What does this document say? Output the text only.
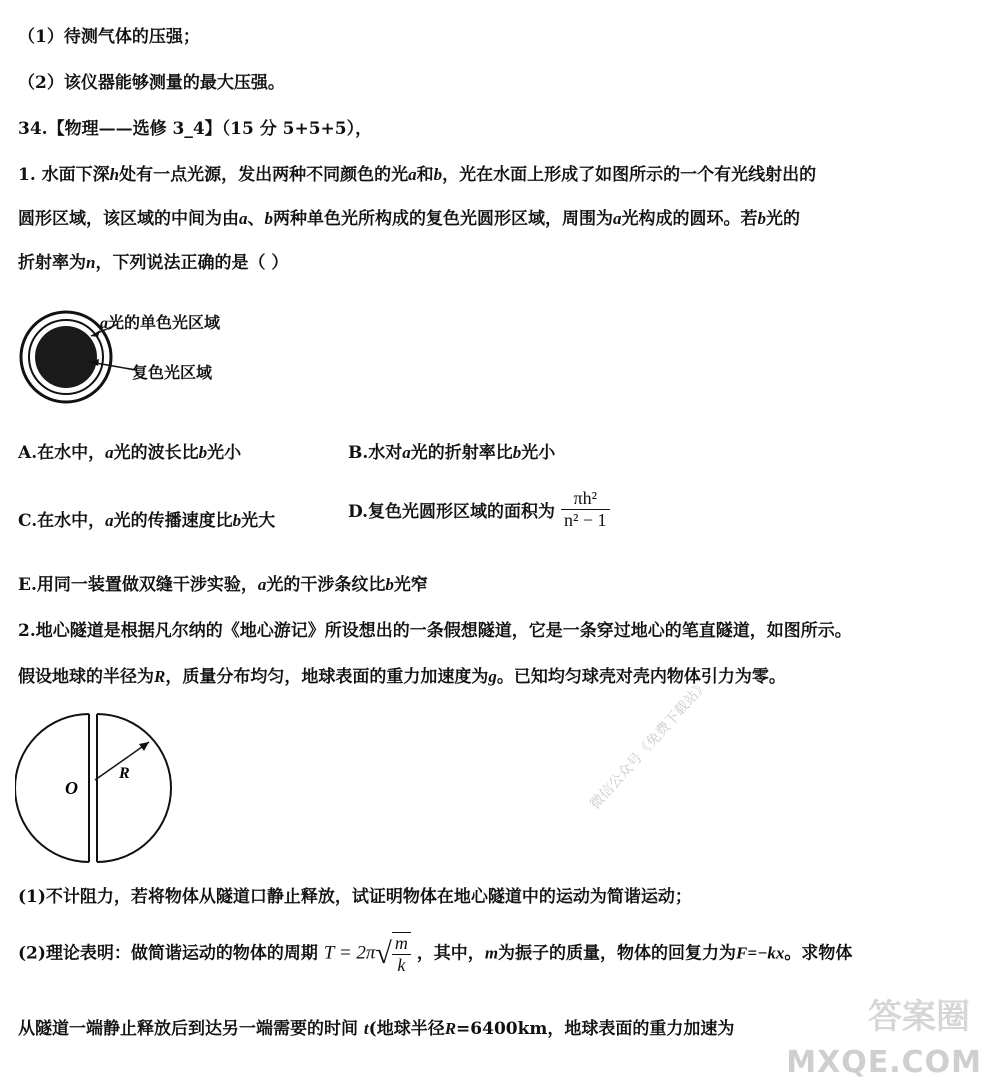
（1）待测气体的压强；
（2）该仪器能够测量的最大压强。
34.【物理——选修 3_4】（15 分 5+5+5），
1. 水面下深h处有一点光源，发出两种不同颜色的光a和b，光在水面上形成了如图所示的一个有光线射出的
圆形区域，该区域的中间为由a、b两种单色光所构成的复色光圆形区域，周围为a光构成的圆环。若b光的
折射率为n，下列说法正确的是（ ）
a光的单色光区域
复色光区域
A.在水中，a光的波长比b光小	B.水对a光的折射率比b光小
C.在水中，a光的传播速度比b光大	D.复色光圆形区域的面积为 $\frac{\text{πh²}}{\text{n² − 1}}$
E.用同一装置做双缝干涉实验，a光的干涉条纹比b光窄
2.地心隧道是根据凡尔纳的《地心游记》所设想出的一条假想隧道，它是一条穿过地心的笔直隧道，如图所示。
假设地球的半径为R，质量分布均匀，地球表面的重力加速度为g。已知均匀球壳对壳内物体引力为零。
O
R
(1)不计阻力，若将物体从隧道口静止释放，试证明物体在地心隧道中的运动为简谐运动；
(2)理论表明：做简谐运动的物体的周期 $T = 2\pi√ \frac{m}{k}$ ，其中，m为振子的质量，物体的回复力为F=−kx。求物体
从隧道一端静止释放后到达另一端需要的时间 t(地球半径R=6400km，地球表面的重力加速为
微信公众号《免费下载站》
答案圈
MXQE.COM
